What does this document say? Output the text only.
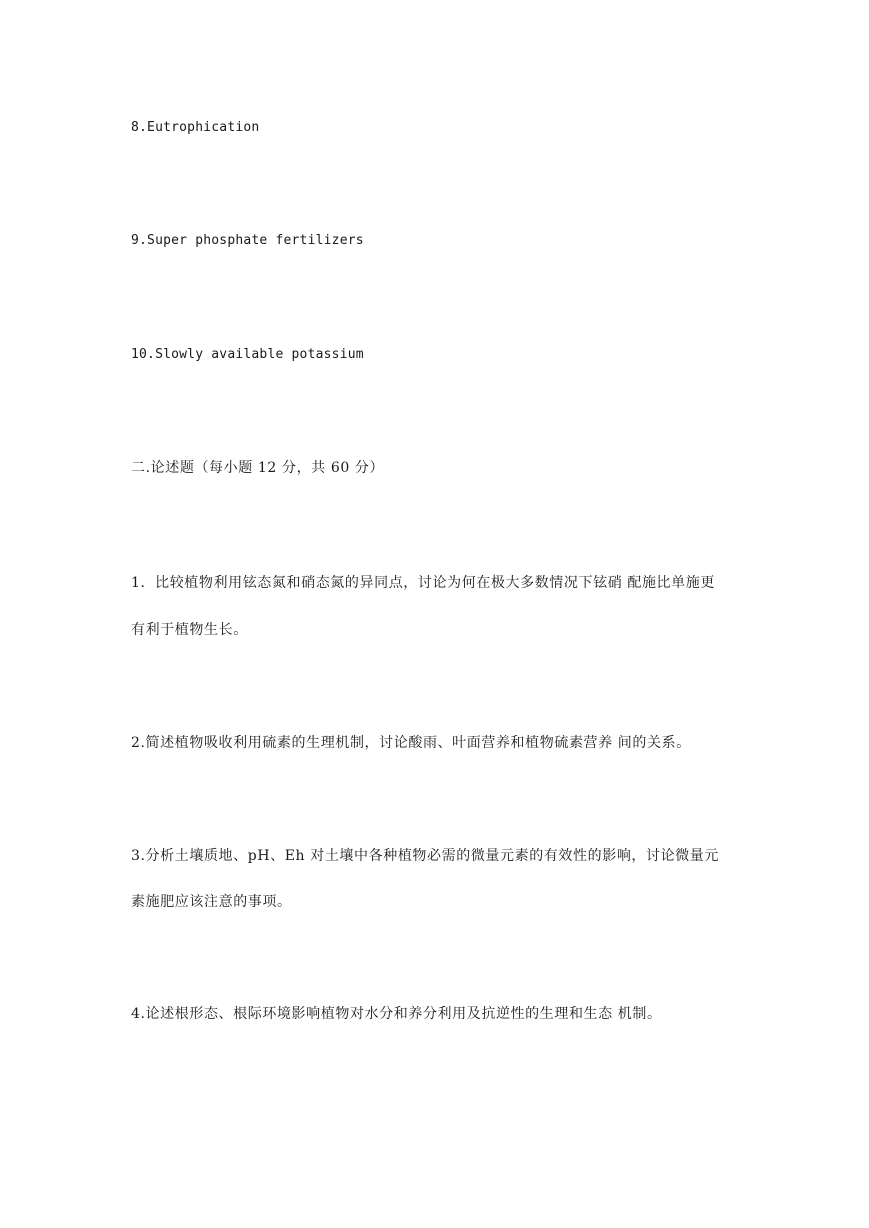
8.Eutrophication
9.Super phosphate fertilizers
10.Slowly available potassium
二.论述题（每小题 12 分，共 60 分）
1．比较植物利用铉态氮和硝态氮的异同点，讨论为何在极大多数情况下铉硝 配施比单施更
有利于植物生长。
2.简述植物吸收利用硫素的生理机制，讨论酸雨、叶面营养和植物硫素营养 间的关系。
3.分析土壤质地、pH、Eh 对土壤中各种植物必需的微量元素的有效性的影响，讨论微量元
素施肥应该注意的事项。
4.论述根形态、根际环境影响植物对水分和养分利用及抗逆性的生理和生态 机制。
